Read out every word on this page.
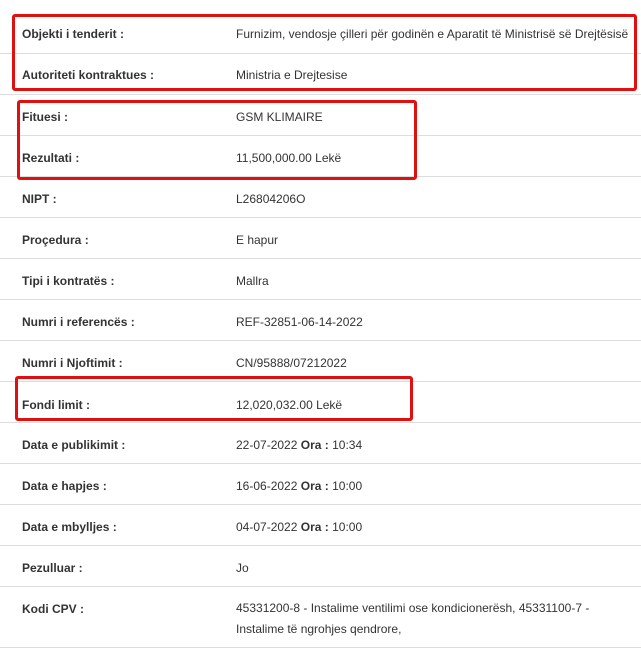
Objekti i tenderit :	Furnizim, vendosje çilleri për godinën e Aparatit të Ministrisë së Drejtësisë
Autoriteti kontraktues :	Ministria e Drejtesise
Fituesi :	GSM KLIMAIRE
Rezultati :	11,500,000.00 Lekë
NIPT :	L26804206O
Proçedura :	E hapur
Tipi i kontratës :	Mallra
Numri i referencës :	REF-32851-06-14-2022
Numri i Njoftimit :	CN/95888/07212022
Fondi limit :	12,020,032.00 Lekë
Data e publikimit :	22-07-2022 Ora : 10:34
Data e hapjes :	16-06-2022 Ora : 10:00
Data e mbylljes :	04-07-2022 Ora : 10:00
Pezulluar :	Jo
Kodi CPV :	45331200-8 - Instalime ventilimi ose kondicionerësh, 45331100-7 - Instalime të ngrohjes qendrore,
